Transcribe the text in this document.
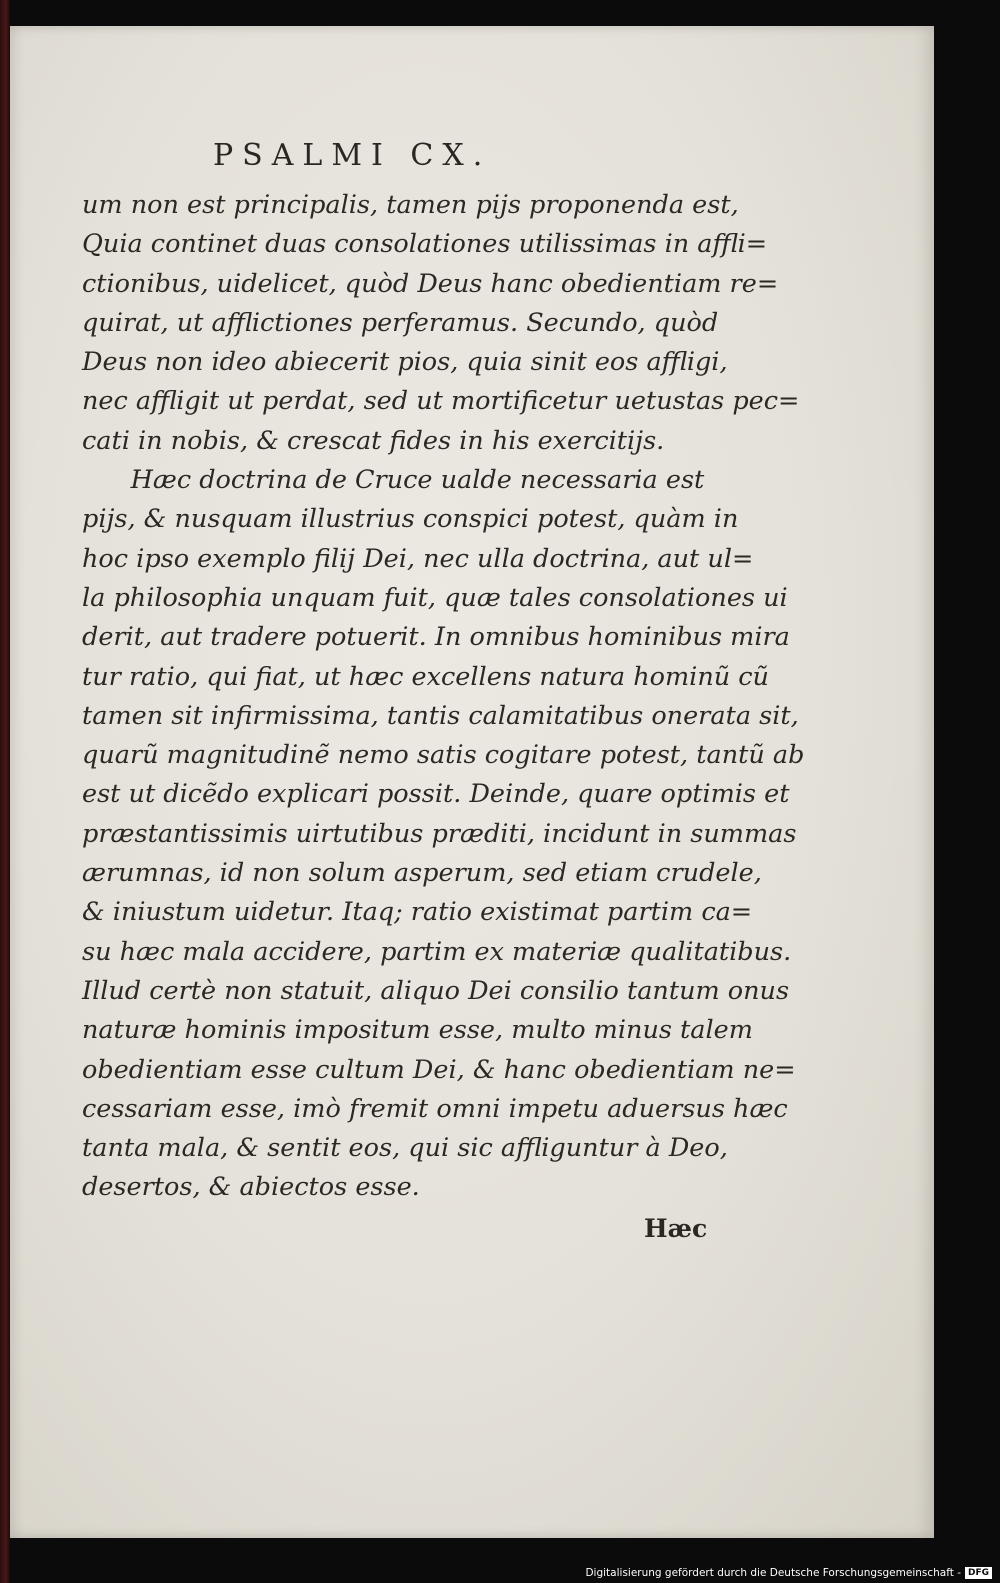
PSALMI CX.
um non est principalis, tamen pijs proponenda est,
Quia continet duas consolationes utilissimas in affli=
ctionibus, uidelicet, quòd Deus hanc obedientiam re=
quirat, ut afflictiones perferamus. Secundo, quòd
Deus non ideo abiecerit pios, quia sinit eos affligi,
nec affligit ut perdat, sed ut mortificetur uetustas pec=
cati in nobis, & crescat fides in his exercitijs.
Hæc doctrina de Cruce ualde necessaria est
pijs, & nusquam illustrius conspici potest, quàm in
hoc ipso exemplo filij Dei, nec ulla doctrina, aut ul=
la philosophia unquam fuit, quæ tales consolationes ui
derit, aut tradere potuerit. In omnibus hominibus mira
tur ratio, qui fiat, ut hæc excellens natura hominũ cũ
tamen sit infirmissima, tantis calamitatibus onerata sit,
quarũ magnitudinẽ nemo satis cogitare potest, tantũ ab
est ut dicẽdo explicari possit. Deinde, quare optimis et
præstantissimis uirtutibus præditi, incidunt in summas
ærumnas, id non solum asperum, sed etiam crudele,
& iniustum uidetur. Itaq; ratio existimat partim ca=
su hæc mala accidere, partim ex materiæ qualitatibus.
Illud certè non statuit, aliquo Dei consilio tantum onus
naturæ hominis impositum esse, multo minus talem
obedientiam esse cultum Dei, & hanc obedientiam ne=
cessariam esse, imò fremit omni impetu aduersus hæc
tanta mala, & sentit eos, qui sic affliguntur à Deo,
desertos, & abiectos esse.
Hæc
Digitalisierung gefördert durch die Deutsche Forschungsgemeinschaft - DFG
